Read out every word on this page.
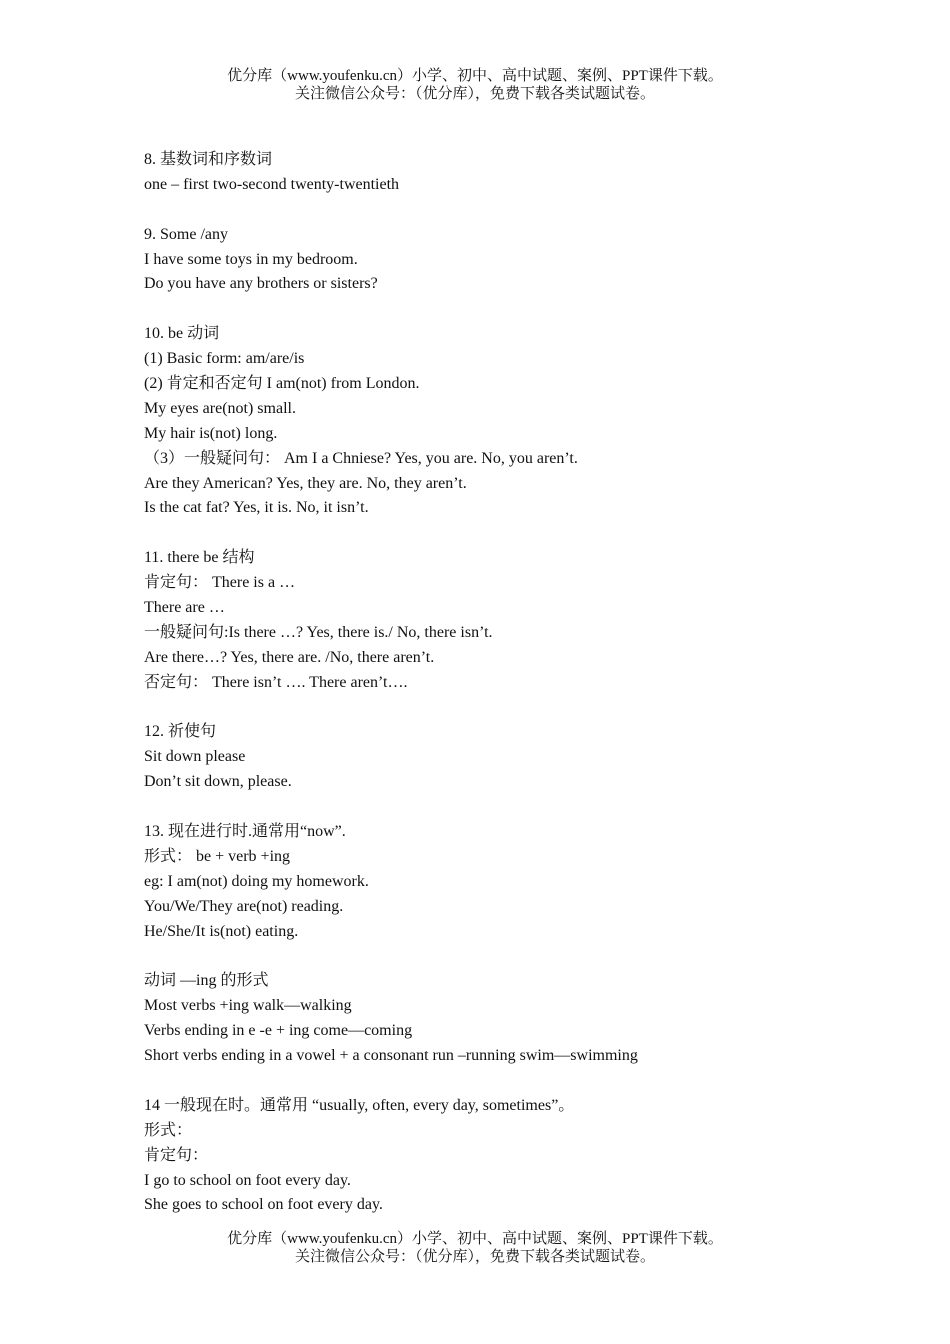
优分库（www.youfenku.cn）小学、初中、高中试题、案例、PPT课件下载。
关注微信公众号：（优分库），免费下载各类试题试卷。
8. 基数词和序数词
one – first two-second twenty-twentieth
9. Some /any
I have some toys in my bedroom.
Do you have any brothers or sisters?
10. be 动词
(1) Basic form: am/are/is
(2) 肯定和否定句 I am(not) from London.
My eyes are(not) small.
My hair is(not) long.
（3）一般疑问句： Am I a Chniese? Yes, you are. No, you aren’t.
Are they American? Yes, they are. No, they aren’t.
Is the cat fat? Yes, it is. No, it isn’t.
11. there be 结构
肯定句： There is a …
There are …
一般疑问句:Is there …? Yes, there is./ No, there isn’t.
Are there…? Yes, there are. /No, there aren’t.
否定句： There isn’t …. There aren’t….
12. 祈使句
Sit down please
Don’t sit down, please.
13. 现在进行时.通常用“now”.
形式： be + verb +ing
eg: I am(not) doing my homework.
You/We/They are(not) reading.
He/She/It is(not) eating.
动词 —ing 的形式
Most verbs +ing walk—walking
Verbs ending in e -e + ing come—coming
Short verbs ending in a vowel + a consonant run –running swim—swimming
14 一般现在时。通常用 “usually, often, every day, sometimes”。
形式：
肯定句：
I go to school on foot every day.
She goes to school on foot every day.
优分库（www.youfenku.cn）小学、初中、高中试题、案例、PPT课件下载。
关注微信公众号：（优分库），免费下载各类试题试卷。
